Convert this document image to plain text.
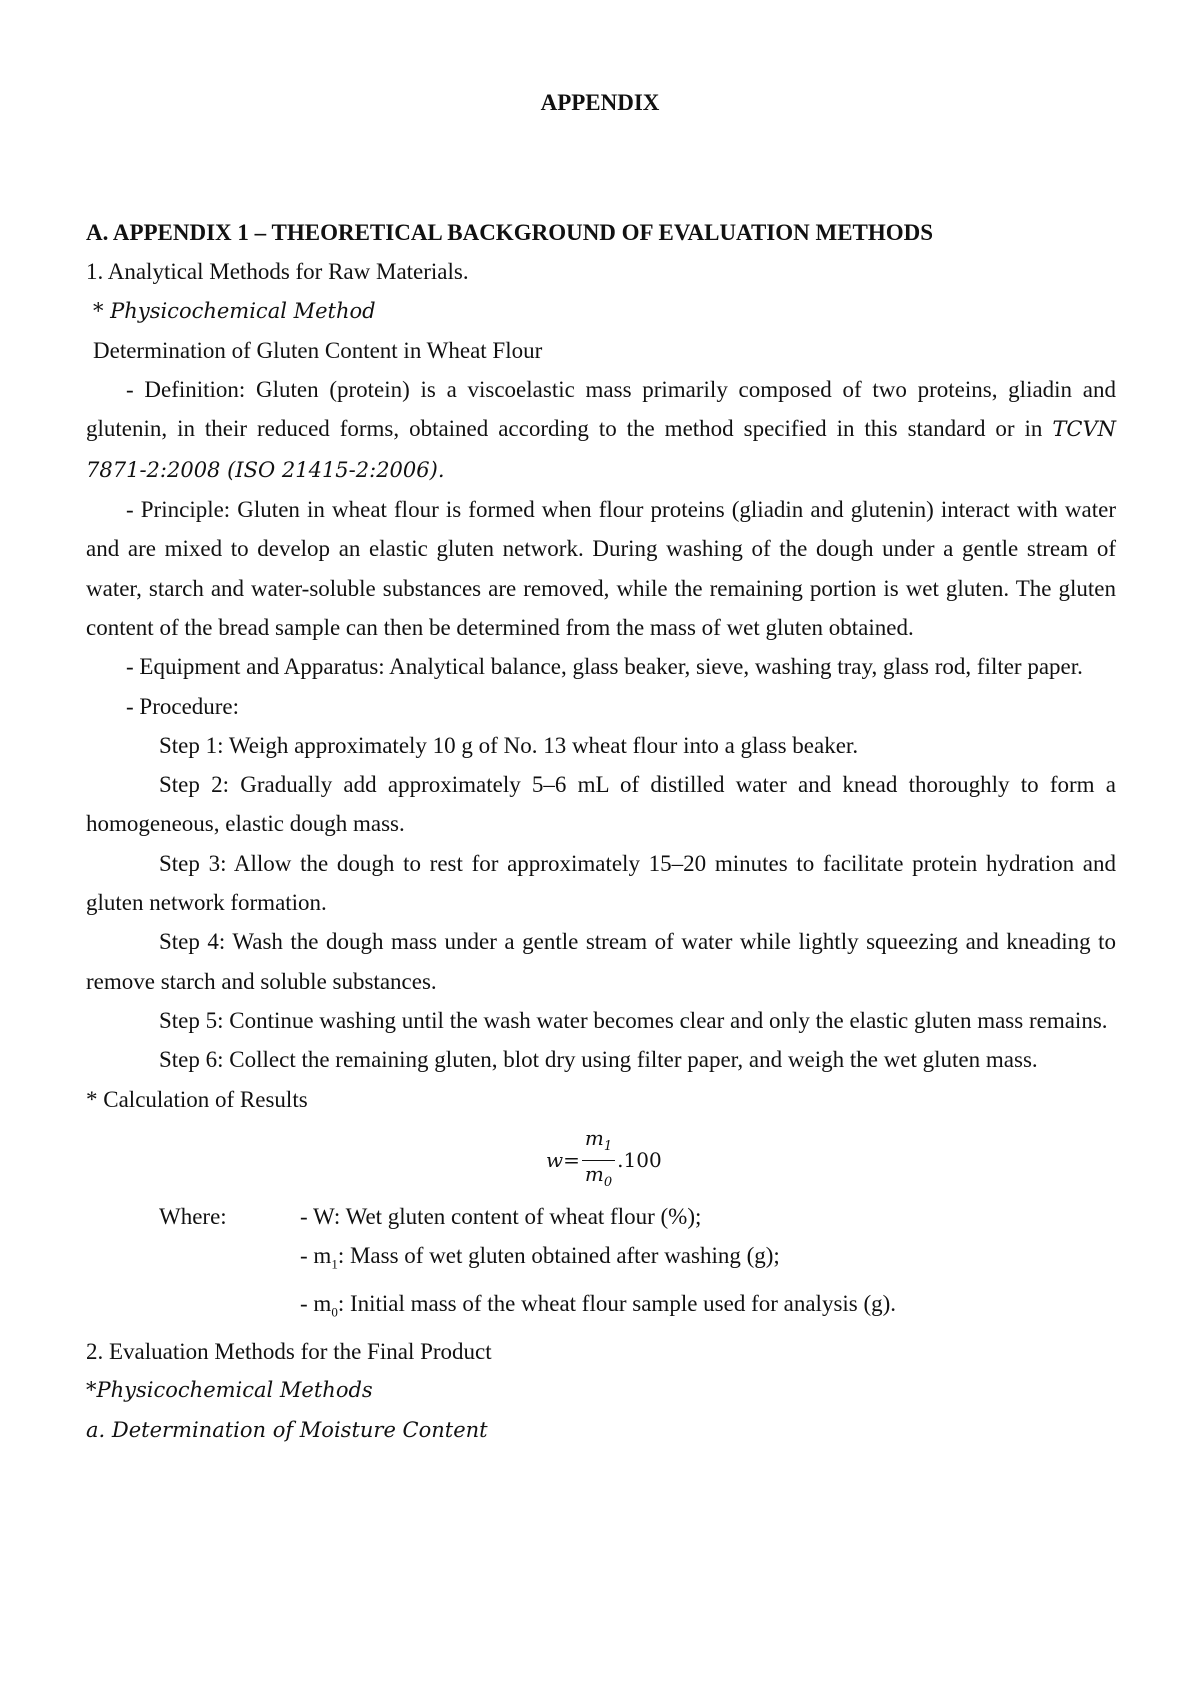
APPENDIX

A. APPENDIX 1 – THEORETICAL BACKGROUND OF EVALUATION METHODS

1. Analytical Methods for Raw Materials.

* Physicochemical Method

Determination of Gluten Content in Wheat Flour

- Definition: Gluten (protein) is a viscoelastic mass primarily composed of two proteins, gliadin and glutenin, in their reduced forms, obtained according to the method specified in this standard or in TCVN 7871-2:2008 (ISO 21415-2:2006).

- Principle: Gluten in wheat flour is formed when flour proteins (gliadin and glutenin) interact with water and are mixed to develop an elastic gluten network. During washing of the dough under a gentle stream of water, starch and water-soluble substances are removed, while the remaining portion is wet gluten. The gluten content of the bread sample can then be determined from the mass of wet gluten obtained.

- Equipment and Apparatus: Analytical balance, glass beaker, sieve, washing tray, glass rod, filter paper.

- Procedure:

Step 1: Weigh approximately 10 g of No. 13 wheat flour into a glass beaker.

Step 2: Gradually add approximately 5–6 mL of distilled water and knead thoroughly to form a homogeneous, elastic dough mass.

Step 3: Allow the dough to rest for approximately 15–20 minutes to facilitate protein hydration and gluten network formation.

Step 4: Wash the dough mass under a gentle stream of water while lightly squeezing and kneading to remove starch and soluble substances.

Step 5: Continue washing until the wash water becomes clear and only the elastic gluten mass remains.

Step 6: Collect the remaining gluten, blot dry using filter paper, and weigh the wet gluten mass.

* Calculation of Results

$w = \frac{m_1}{m_0} .100$
Where:	- W: Wet gluten content of wheat flour (%);
- $m_1$: Mass of wet gluten obtained after washing (g);
- $m_0$: Initial mass of the wheat flour sample used for analysis (g).

2. Evaluation Methods for the Final Product

*Physicochemical Methods

a. Determination of Moisture Content
